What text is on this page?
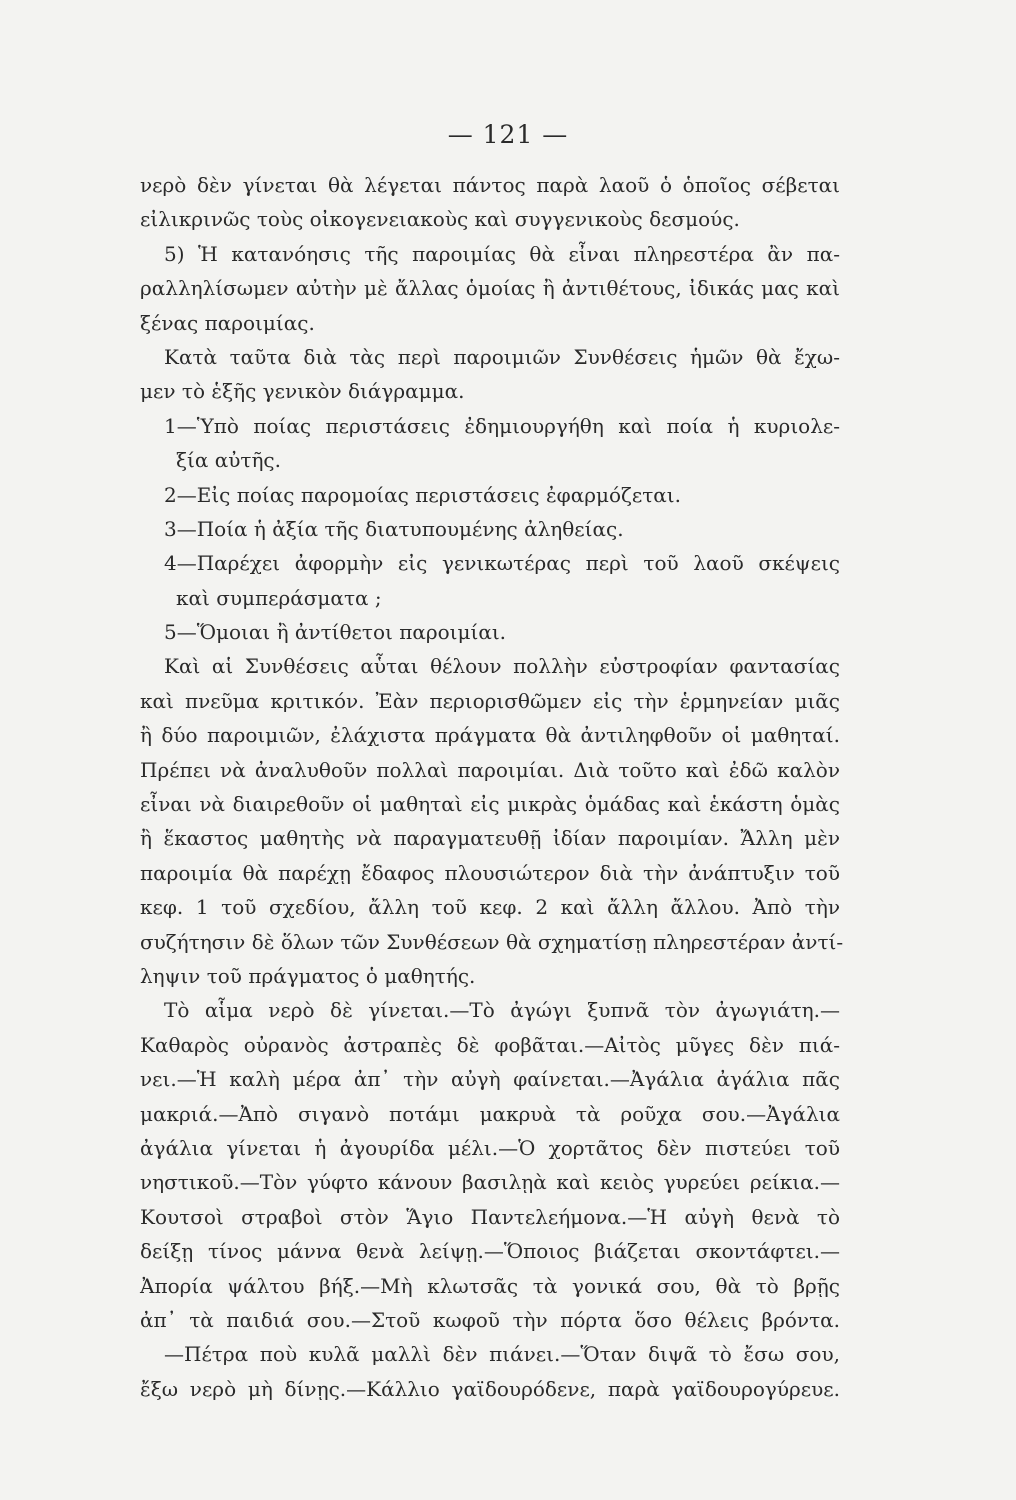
— 121 —
νερὸ δὲν γίνεται θὰ λέγεται πάντος παρὰ λαοῦ ὁ ὁποῖος σέβεται
εἰλικρινῶς τοὺς οἰκογενειακοὺς καὶ συγγενικοὺς δεσμούς.
5) Ἡ κατανόησις τῆς παροιμίας θὰ εἶναι πληρεστέρα ἂν πα-
ραλληλίσωμεν αὐτὴν μὲ ἄλλας ὁμοίας ἢ ἀντιθέτους, ἰδικάς μας καὶ
ξένας παροιμίας.
Κατὰ ταῦτα διὰ τὰς περὶ παροιμιῶν Συνθέσεις ἡμῶν θὰ ἔχω-
μεν τὸ ἑξῆς γενικὸν διάγραμμα.
1—Ὑπὸ ποίας περιστάσεις ἐδημιουργήθη καὶ ποία ἡ κυριολε-
ξία αὐτῆς.
2—Εἰς ποίας παρομοίας περιστάσεις ἐφαρμόζεται.
3—Ποία ἡ ἀξία τῆς διατυπουμένης ἀληθείας.
4—Παρέχει ἀφορμὴν εἰς γενικωτέρας περὶ τοῦ λαοῦ σκέψεις
καὶ συμπεράσματα ;
5—Ὅμοιαι ἢ ἀντίθετοι παροιμίαι.
Καὶ αἱ Συνθέσεις αὗται θέλουν πολλὴν εὐστροφίαν φαντασίας
καὶ πνεῦμα κριτικόν. Ἐὰν περιορισθῶμεν εἰς τὴν ἑρμηνείαν μιᾶς
ἢ δύο παροιμιῶν, ἐλάχιστα πράγματα θὰ ἀντιληφθοῦν οἱ μαθηταί.
Πρέπει νὰ ἀναλυθοῦν πολλαὶ παροιμίαι. Διὰ τοῦτο καὶ ἐδῶ καλὸν
εἶναι νὰ διαιρεθοῦν οἱ μαθηταὶ εἰς μικρὰς ὁμάδας καὶ ἑκάστη ὁμὰς
ἢ ἕκαστος μαθητὴς νὰ παραγματευθῇ ἰδίαν παροιμίαν. Ἄλλη μὲν
παροιμία θὰ παρέχῃ ἔδαφος πλουσιώτερον διὰ τὴν ἀνάπτυξιν τοῦ
κεφ. 1 τοῦ σχεδίου, ἄλλη τοῦ κεφ. 2 καὶ ἄλλη ἄλλου. Ἀπὸ τὴν
συζήτησιν δὲ ὅλων τῶν Συνθέσεων θὰ σχηματίσῃ πληρεστέραν ἀντί-
ληψιν τοῦ πράγματος ὁ μαθητής.
Τὸ αἷμα νερὸ δὲ γίνεται.—Τὸ ἀγώγι ξυπνᾶ τὸν ἀγωγιάτη.—
Καθαρὸς οὐρανὸς ἀστραπὲς δὲ φοβᾶται.—Αἰτὸς μῦγες δὲν πιά-
νει.—Ἡ καλὴ μέρα ἀπ᾽ τὴν αὐγὴ φαίνεται.—Ἀγάλια ἀγάλια πᾶς
μακριά.—Ἀπὸ σιγανὸ ποτάμι μακρυὰ τὰ ροῦχα σου.—Ἀγάλια
ἀγάλια γίνεται ἡ ἀγουρίδα μέλι.—Ὁ χορτᾶτος δὲν πιστεύει τοῦ
νηστικοῦ.—Τὸν γύφτο κάνουν βασιλῃὰ καὶ κειὸς γυρεύει ρείκια.—
Κουτσοὶ στραβοὶ στὸν Ἅγιο Παντελεήμονα.—Ἡ αὐγὴ θενὰ τὸ
δείξῃ τίνος μάννα θενὰ λείψῃ.—Ὅποιος βιάζεται σκοντάφτει.—
Ἀπορία ψάλτου βήξ.—Μὴ κλωτσᾶς τὰ γονικά σου, θὰ τὸ βρῇς
ἀπ᾽ τὰ παιδιά σου.—Στοῦ κωφοῦ τὴν πόρτα ὅσο θέλεις βρόντα.
—Πέτρα ποὺ κυλᾶ μαλλὶ δὲν πιάνει.—Ὅταν διψᾶ τὸ ἔσω σου,
ἔξω νερὸ μὴ δίνῃς.—Κάλλιο γαϊδουρόδενε, παρὰ γαϊδουρογύρευε.
